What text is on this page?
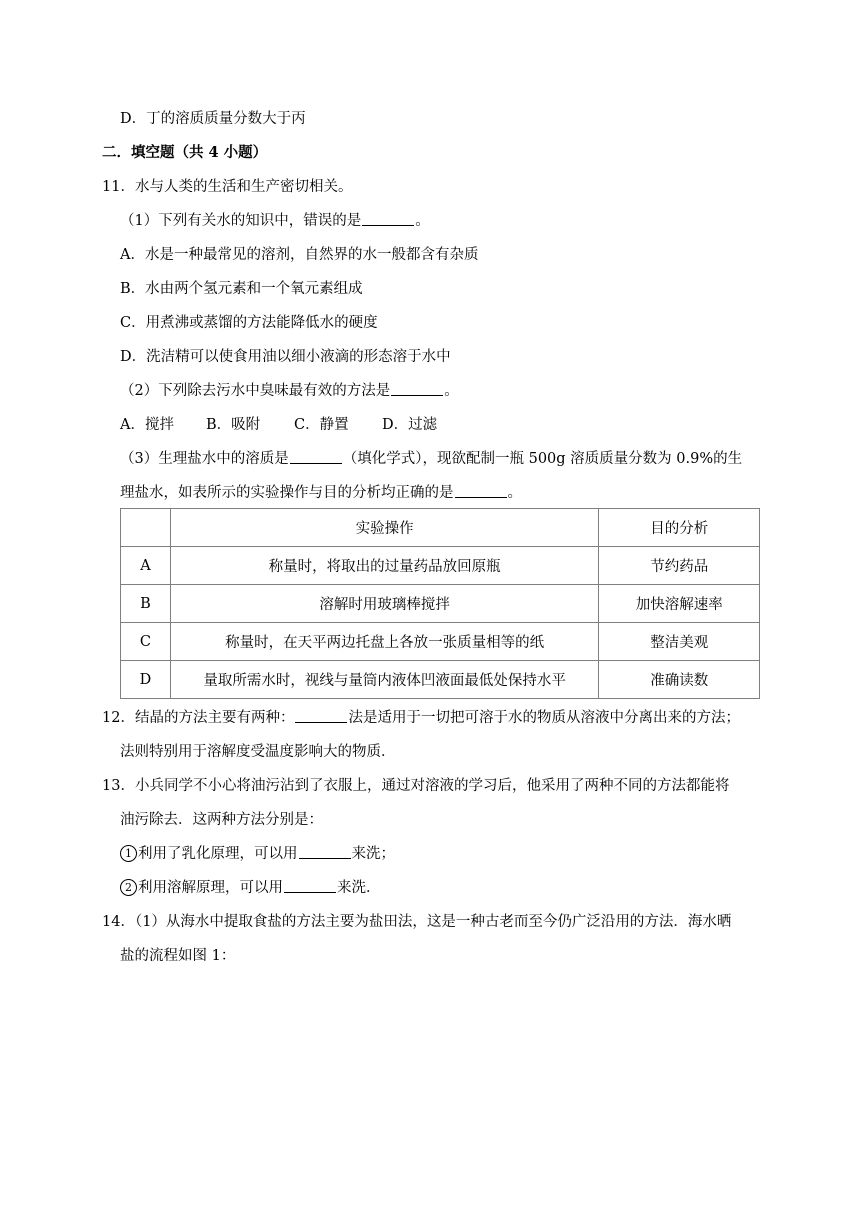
D．丁的溶质质量分数大于丙
二．填空题（共 4 小题）
11．水与人类的生活和生产密切相关。
（1）下列有关水的知识中，错误的是	。
A．水是一种最常见的溶剂，自然界的水一般都含有杂质
B．水由两个氢元素和一个氧元素组成
C．用煮沸或蒸馏的方法能降低水的硬度
D．洗洁精可以使食用油以细小液滴的形态溶于水中
（2）下列除去污水中臭味最有效的方法是	。
A．搅拌 B．吸附 C．静置 D．过滤
（3）生理盐水中的溶质是	（填化学式），现欲配制一瓶 500g 溶质质量分数为 0.9%的生
理盐水，如表所示的实验操作与目的分析均正确的是	。
	实验操作	目的分析
A	称量时，将取出的过量药品放回原瓶	节约药品
B	溶解时用玻璃棒搅拌	加快溶解速率
C	称量时，在天平两边托盘上各放一张质量相等的纸	整洁美观
D	量取所需水时，视线与量筒内液体凹液面最低处保持水平	准确读数
12．结晶的方法主要有两种：	法是适用于一切把可溶于水的物质从溶液中分离出来的方法；
法则特别用于溶解度受温度影响大的物质．
13．小兵同学不小心将油污沾到了衣服上，通过对溶液的学习后，他采用了两种不同的方法都能将
油污除去．这两种方法分别是：
1 利用了乳化原理，可以用	来洗；
2 利用溶解原理，可以用	来洗．
14．（1）从海水中提取食盐的方法主要为盐田法，这是一种古老而至今仍广泛沿用的方法．海水晒
盐的流程如图 1：
